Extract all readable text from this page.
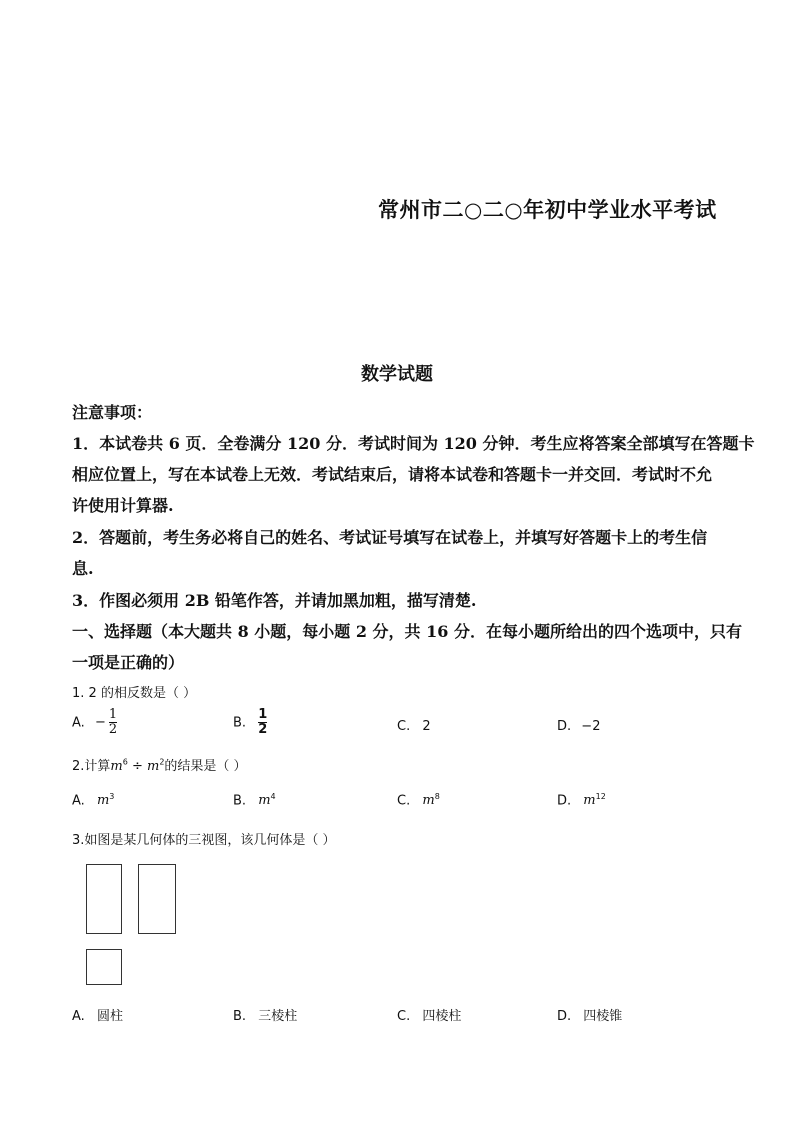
常州市二○二○年初中学业水平考试
数学试题
注意事项：
1．本试卷共 6 页．全卷满分 120 分．考试时间为 120 分钟．考生应将答案全部填写在答题卡
相应位置上，写在本试卷上无效．考试结束后，请将本试卷和答题卡一并交回．考试时不允
许使用计算器.
2．答题前，考生务必将自己的姓名、考试证号填写在试卷上，并填写好答题卡上的考生信
息.
3．作图必须用 2B 铅笔作答，并请加黑加粗，描写清楚.
一、选择题（本大题共 8 小题，每小题 2 分，共 16 分．在每小题所给出的四个选项中，只有
一项是正确的）
1. 2 的相反数是（ ）
A. − $\frac{1}{2}$	B. $\frac{1}{2}$	C. 2	D. −2
2.计算$m^6 \div m^2$的结果是（ ）
A. $m^3$	B. $m^4$	C. $m^8$	D. $m^{12}$
3.如图是某几何体的三视图，该几何体是（ ）
A. 圆柱	B. 三棱柱	C. 四棱柱	D. 四棱锥
